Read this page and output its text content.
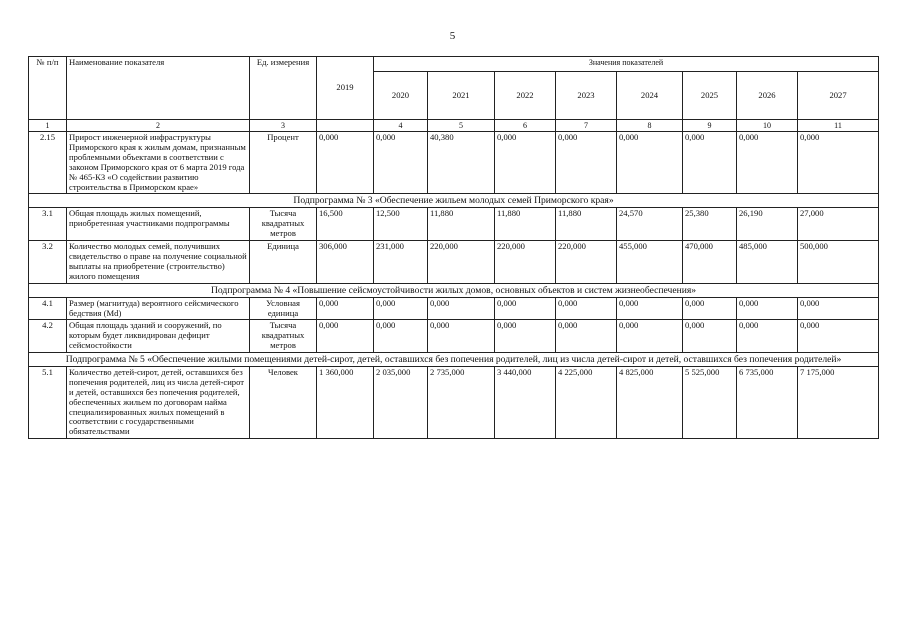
5
№ п/п	Наименование показателя	Ед. измерения	2019	Значения показателей							
				2020	2021	2022	2023	2024	2025	2026	2027
1	2	3		4	5	6	7	8	9	10	11
2.15	Прирост инженерной инфраструктуры Приморского края к жилым домам, признанным проблемными объектами в соответствии с законом Приморского края от 6 марта 2019 года № 465-КЗ «О содействии развитию строительства в Приморском крае»	Процент	0,000	0,000	40,380	0,000	0,000	0,000	0,000	0,000	0,000
Подпрограмма № 3 «Обеспечение жильем молодых семей Приморского края»											
3.1	Общая площадь жилых помещений, приобретенная участниками подпрограммы	Тысяча квадратных метров	16,500	12,500	11,880	11,880	11,880	24,570	25,380	26,190	27,000
3.2	Количество молодых семей, получивших свидетельство о праве на получение социальной выплаты на приобретение (строительство) жилого помещения	Единица	306,000	231,000	220,000	220,000	220,000	455,000	470,000	485,000	500,000
Подпрограмма № 4 «Повышение сейсмоустойчивости жилых домов, основных объектов и систем жизнеобеспечения»											
4.1	Размер (магнитуда) вероятного сейсмического бедствия (Md)	Условная единица	0,000	0,000	0,000	0,000	0,000	0,000	0,000	0,000	0,000
4.2	Общая площадь зданий и сооружений, по которым будет ликвидирован дефицит сейсмостойкости	Тысяча квадратных метров	0,000	0,000	0,000	0,000	0,000	0,000	0,000	0,000	0,000
Подпрограмма № 5 «Обеспечение жилыми помещениями детей-сирот, детей, оставшихся без попечения родителей, лиц из числа детей-сирот и детей, оставшихся без попечения родителей»											
5.1	Количество детей-сирот, детей, оставшихся без попечения родителей, лиц из числа детей-сирот и детей, оставшихся без попечения родителей, обеспеченных жильем по договорам найма специализированных жилых помещений в соответствии с государственными обязательствами	Человек	1 360,000	2 035,000	2 735,000	3 440,000	4 225,000	4 825,000	5 525,000	6 735,000	7 175,000
